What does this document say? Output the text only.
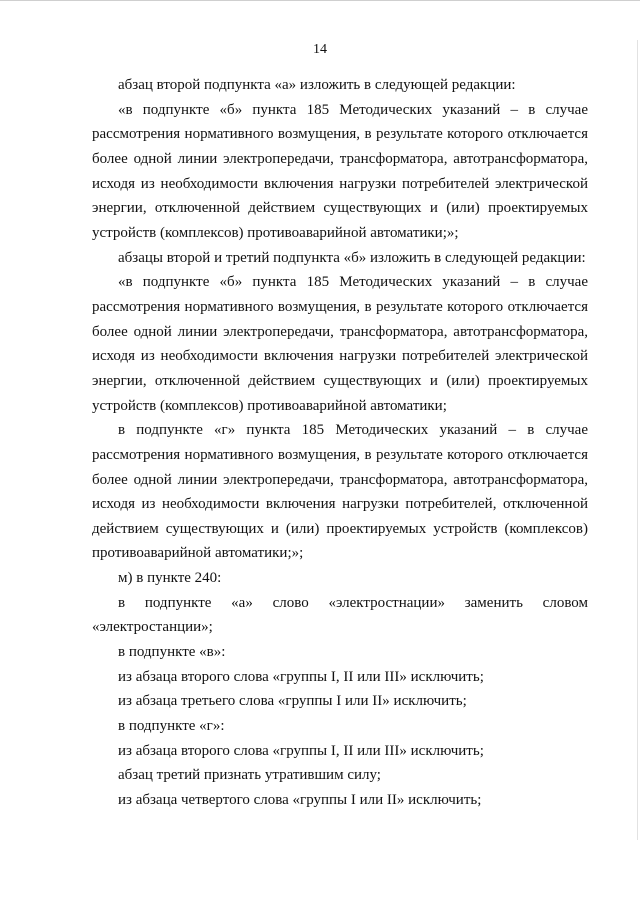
14

абзац второй подпункта «а» изложить в следующей редакции:

«в подпункте «б» пункта 185 Методических указаний – в случае рассмотрения нормативного возмущения, в результате которого отключается более одной линии электропередачи, трансформатора, автотрансформатора, исходя из необходимости включения нагрузки потребителей электрической энергии, отключенной действием существующих и (или) проектируемых устройств (комплексов) противоаварийной автоматики;»;

абзацы второй и третий подпункта «б» изложить в следующей редакции:

«в подпункте «б» пункта 185 Методических указаний – в случае рассмотрения нормативного возмущения, в результате которого отключается более одной линии электропередачи, трансформатора, автотрансформатора, исходя из необходимости включения нагрузки потребителей электрической энергии, отключенной действием существующих и (или) проектируемых устройств (комплексов) противоаварийной автоматики;

в подпункте «г» пункта 185 Методических указаний – в случае рассмотрения нормативного возмущения, в результате которого отключается более одной линии электропередачи, трансформатора, автотрансформатора, исходя из необходимости включения нагрузки потребителей, отключенной действием существующих и (или) проектируемых устройств (комплексов) противоаварийной автоматики;»;

м) в пункте 240:

в подпункте «а» слово «электростнации» заменить словом

«электростанции»;

в подпункте «в»:

из абзаца второго слова «группы I, II или III» исключить;

из абзаца третьего слова «группы I или II» исключить;

в подпункте «г»:

из абзаца второго слова «группы I, II или III» исключить;

абзац третий признать утратившим силу;

из абзаца четвертого слова «группы I или II» исключить;
